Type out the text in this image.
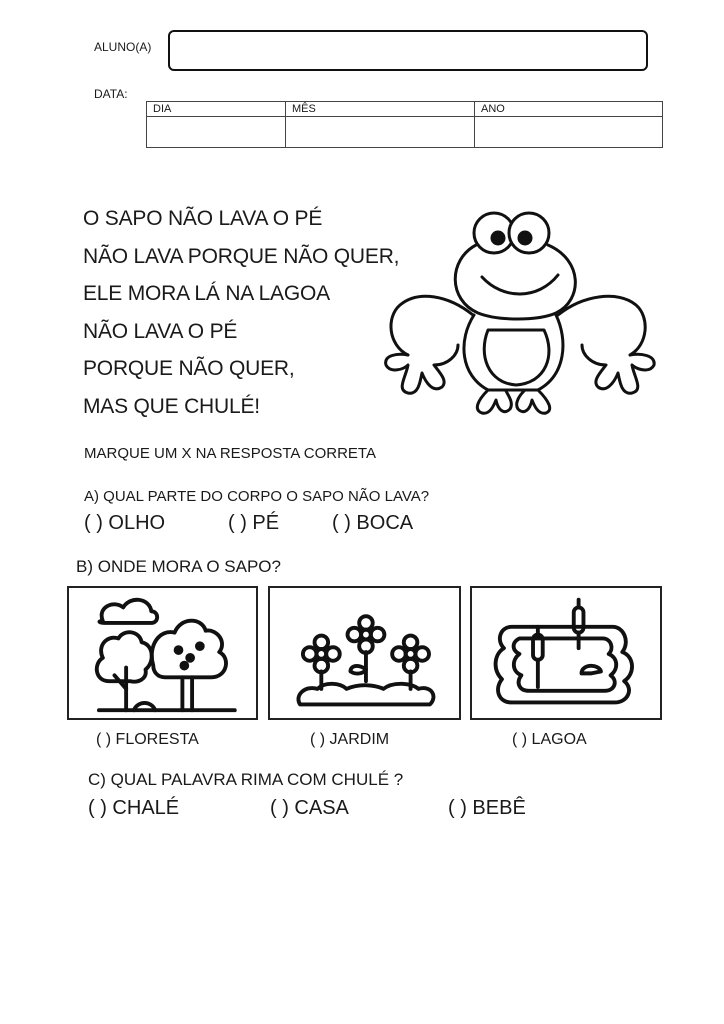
ALUNO(A)
DATA:
DIA	MÊS	ANO

O SAPO NÃO LAVA O PÉ
NÃO LAVA PORQUE NÃO QUER,
ELE MORA LÁ NA LAGOA
NÃO LAVA O PÉ
PORQUE NÃO QUER,
MAS QUE CHULÉ!
MARQUE UM X NA RESPOSTA CORRETA
A) QUAL PARTE DO CORPO O SAPO NÃO LAVA?
( ) OLHO	( ) PÉ	( ) BOCA
B) ONDE MORA O SAPO?
( ) FLORESTA	( ) JARDIM	( ) LAGOA
C) QUAL PALAVRA RIMA COM CHULÉ ?
( ) CHALÉ	( ) CASA	( ) BEBÊ
